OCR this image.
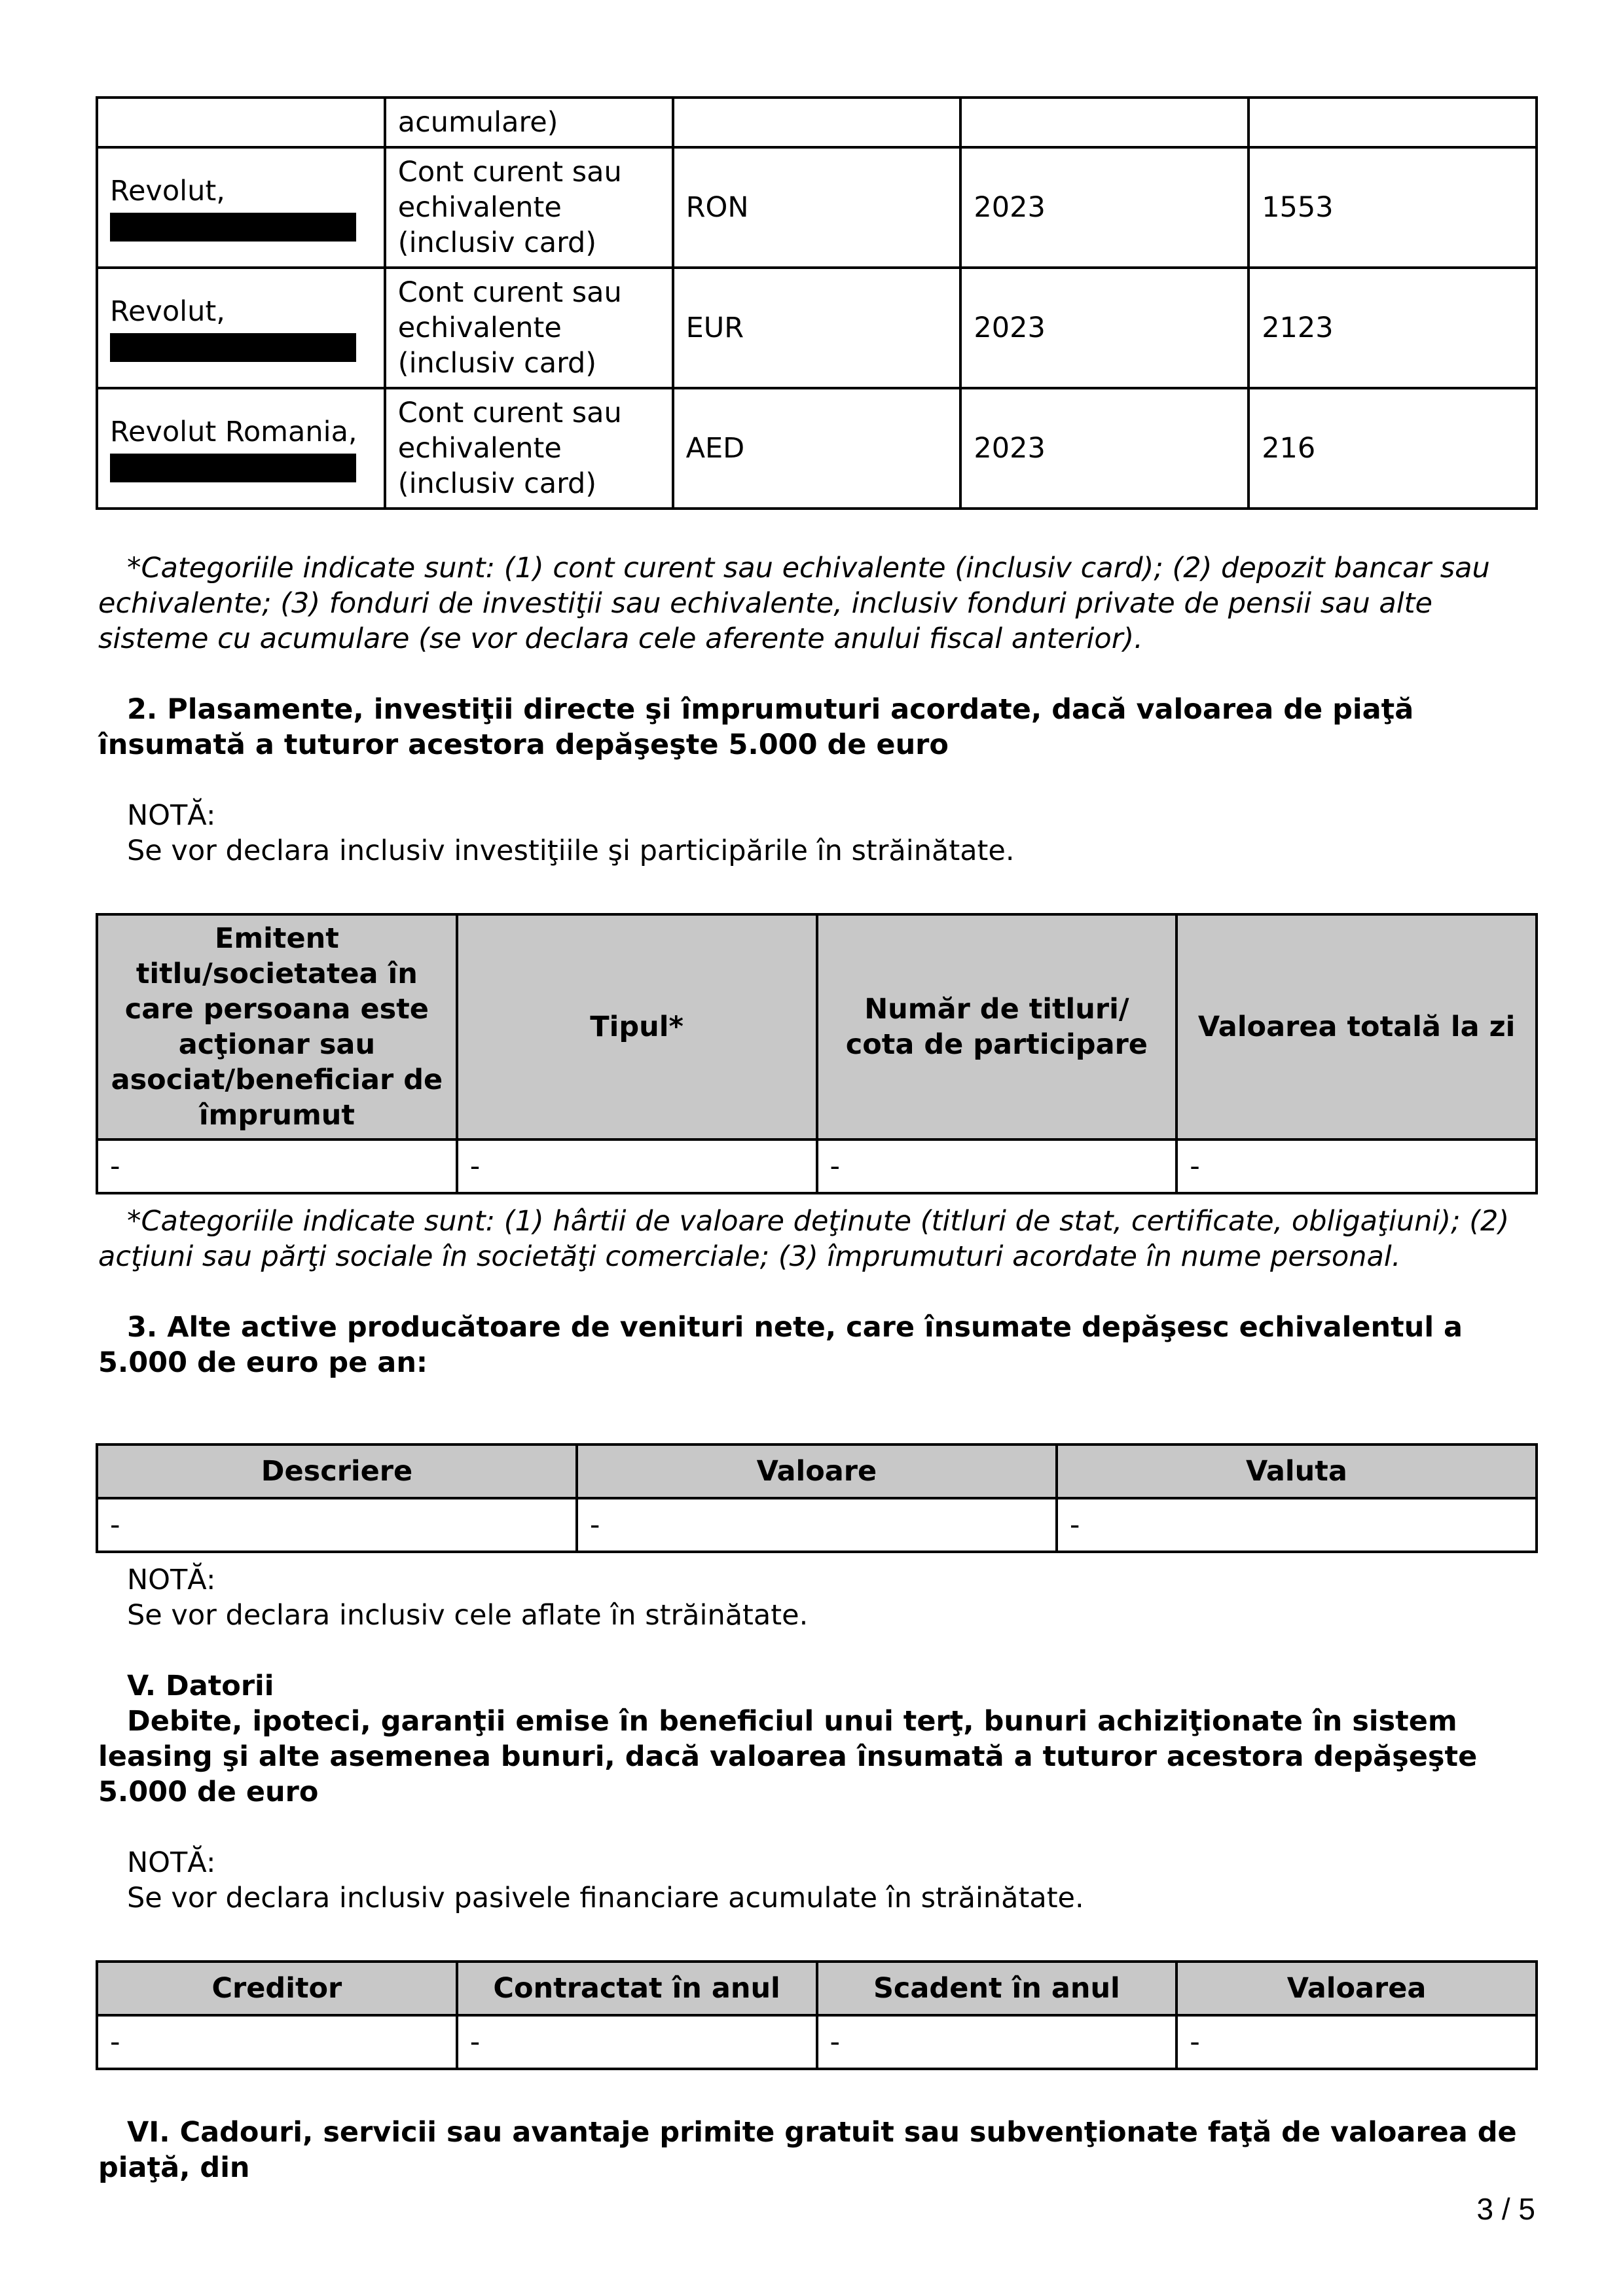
	acumulare)			
Revolut,	Cont curent sau echivalente (inclusiv card)	RON	2023	1553
Revolut,	Cont curent sau echivalente (inclusiv card)	EUR	2023	2123
Revolut Romania,	Cont curent sau echivalente (inclusiv card)	AED	2023	216

*Categoriile indicate sunt: (1) cont curent sau echivalente (inclusiv card); (2) depozit bancar sau echivalente; (3) fonduri de investiţii sau echivalente, inclusiv fonduri private de pensii sau alte sisteme cu acumulare (se vor declara cele aferente anului fiscal anterior).

2. Plasamente, investiţii directe şi împrumuturi acordate, dacă valoarea de piaţă însumată a tuturor acestora depăşeşte 5.000 de euro

NOTĂ:

Se vor declara inclusiv investiţiile şi participările în străinătate.

Emitent titlu/societatea în care persoana este acţionar sau asociat/beneficiar de împrumut	Tipul*	Număr de titluri/ cota de participare	Valoarea totală la zi
-	-	-	-

*Categoriile indicate sunt: (1) hârtii de valoare deţinute (titluri de stat, certificate, obligaţiuni); (2) acţiuni sau părţi sociale în societăţi comerciale; (3) împrumuturi acordate în nume personal.

3. Alte active producătoare de venituri nete, care însumate depăşesc echivalentul a 5.000 de euro pe an:

Descriere	Valoare	Valuta
-	-	-

NOTĂ:

Se vor declara inclusiv cele aflate în străinătate.

V. Datorii

Debite, ipoteci, garanţii emise în beneficiul unui terţ, bunuri achiziţionate în sistem leasing şi alte asemenea bunuri, dacă valoarea însumată a tuturor acestora depăşeşte 5.000 de euro

NOTĂ:

Se vor declara inclusiv pasivele financiare acumulate în străinătate.

Creditor	Contractat în anul	Scadent în anul	Valoarea
-	-	-	-

VI. Cadouri, servicii sau avantaje primite gratuit sau subvenţionate faţă de valoarea de piaţă, din

3 / 5
